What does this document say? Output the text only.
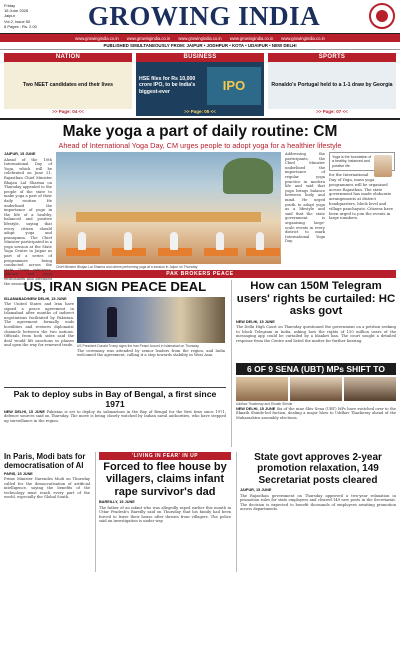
Friday
16 June 2026
Jaipur
Vol 2, Issue 50
8 Pages : Rs. 2.00	GROWING INDIA
www.growingindia.co.in www.growingindia.co.in www.growingindia.co.in www.growingindia.co.in www.growingindia.co.in
PUBLISHED SIMULTANEOUSLY FROM: JAIPUR • JODHPUR • KOTA • UDAIPUR • NEW DELHI
NATION
Two NEET candidates end their lives
>> Page: 04 <<
BUSINESS
HSE files for Rs 10,000 crore IPO, to be India's biggest-ever	IPO
>> Page: 05 <<
SPORTS
Ronaldo's Portugal held to a 1-1 draw by Georgia
>> Page: 07 <<
Make yoga a part of daily routine: CM
Ahead of International Yoga Day, CM urges people to adopt yoga for a healthier lifestyle
JAIPUR, 15 JUNE
Ahead of the 10th International Day of Yoga, which will be celebrated on June 21, Rajasthan Chief Minister Bhajan Lal Sharma on Thursday appealed to the people of the state to make yoga a part of their daily routine. He underlined the importance of yoga in the life of a healthy, balanced and positive lifestyle, saying that every citizen should adopt yoga and pranayama. The Chief Minister participated in a yoga session at the State Yoga Centre in Jaipur as part of a series of programmes being conducted across the state. Union ministers, officials and yoga enthusiasts also attended the session.
Chief Minister Bhajan Lal Sharma and others performing yoga at a session in Jaipur on Thursday.
Addressing the participants, the Chief Minister underlined the importance of regular yoga practice in modern life and said that yoga brings balance between body and mind. He urged youth to adopt yoga as a lifestyle and said that the state government is organising large-scale events in every district to mark International Yoga Day.
Yoga is the foundation of a healthy, balanced and positive life.
for the International Day of Yoga, mass yoga programmes will be organised across Rajasthan. The state government has made elaborate arrangements at district headquarters, block level and village panchayats. Citizens have been urged to join the events in large numbers.
PAK BROKERS PEACE
US, IRAN SIGN PEACE DEAL
ISLAMABAD/NEW DELHI, 15 JUNE
The United States and Iran have signed a peace agreement in Islamabad after months of indirect negotiations facilitated by Pakistan. The agreement formally ends hostilities and restores diplomatic channels between the two nations. Officials from both sides said the deal would lift sanctions in phases and open the way for renewed trade. US President Donald Trump signs the Iran Peace Accord in Islamabad on Thursday.
The ceremony was attended by senior leaders from the region, and India welcomed the agreement, calling it a step towards stability in West Asia.
Pak to deploy subs in Bay of Bengal, a first since 1971
NEW DELHI, 15 JUNE Pakistan is set to deploy its submarines in the Bay of Bengal for the first time since 1971, defence sources said on Thursday. The move is being closely watched by Indian naval authorities, who have stepped up surveillance in the region.
How can 150M Telegram users' rights be curtailed: HC asks govt
NEW DELHI, 15 JUNE
The Delhi High Court on Thursday questioned the government on a petition seeking to block Telegram in India, asking how the rights of 150 million users of the messaging app could be curtailed by a blanket ban. The court sought a detailed response from the Centre and listed the matter for further hearing.
6 OF 9 SENA (UBT) MPs SHIFT TO
Uddhav Thackeray and Eknath Shinde
NEW DELHI, 15 JUNE Six of the nine Shiv Sena (UBT) MPs have switched over to the Eknath Shinde-led faction, dealing a major blow to Uddhav Thackeray ahead of the Maharashtra assembly elections.
In Paris, Modi bats for democratisation of AI
PARIS, 15 JUNE
Prime Minister Narendra Modi on Thursday called for the democratisation of artificial intelligence, saying the benefits of the technology must reach every part of the world, especially the Global South.
'LIVING IN FEAR' IN UP
Forced to flee house by villagers, claims infant rape survivor's dad
BAREILLY, 15 JUNE
The father of an infant who was allegedly raped earlier this month in Uttar Pradesh's Bareilly said on Thursday that his family had been forced to leave their house after threats from villagers. The police said an investigation is under way.
State govt approves 2-year promotion relaxation, 149 Secretariat posts cleared
JAIPUR, 15 JUNE
The Rajasthan government on Thursday approved a two-year relaxation in promotion rules for state employees and cleared 149 new posts in the Secretariat. The decision is expected to benefit thousands of employees awaiting promotion across departments.
